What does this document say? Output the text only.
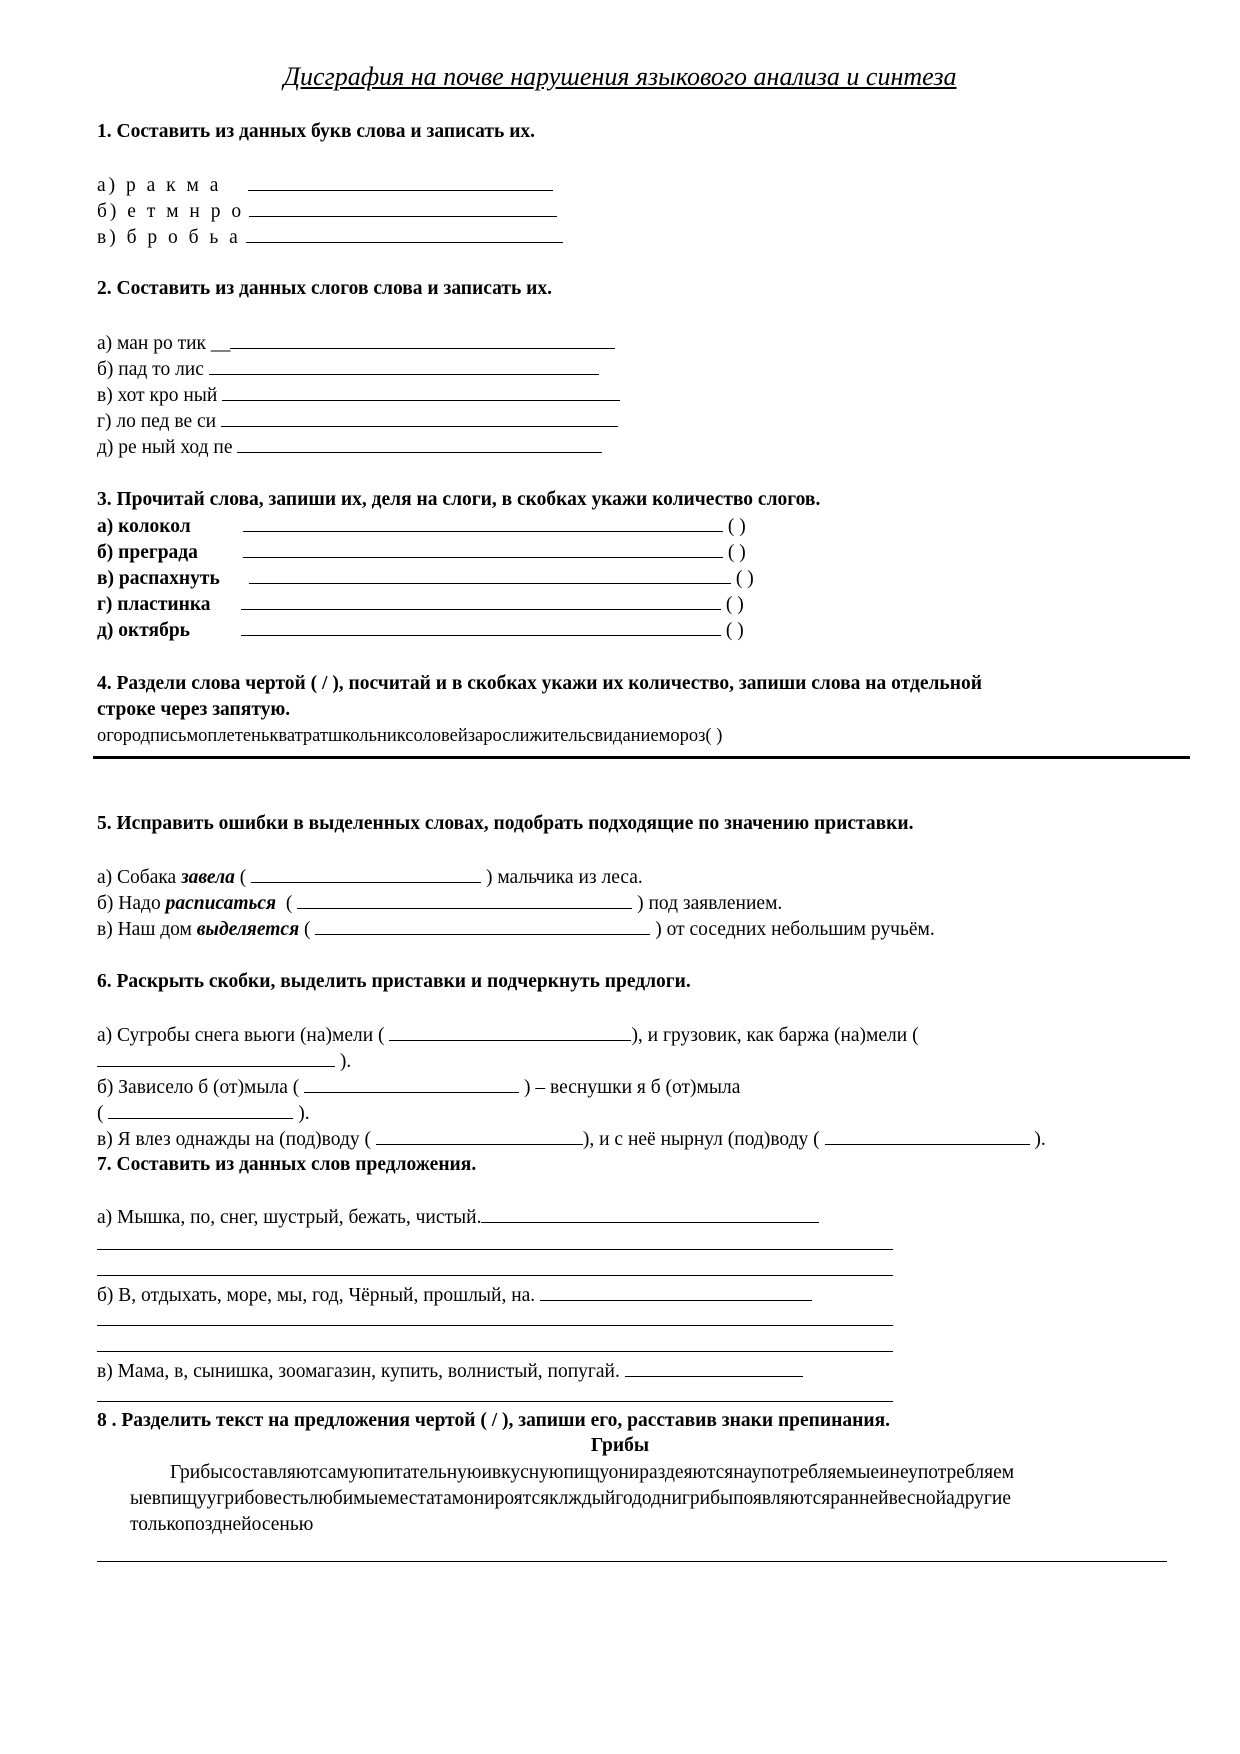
Дисграфия на почве нарушения языкового анализа и синтеза
1. Составить из данных букв слова и записать их.
а) р а к м а
б) е т м н р о
в) б р о б ь а
2. Составить из данных слогов слова и записать их.
а) ман ро тик __
б) пад то лис
в) хот кро ный
г) ло пед ве си
д) ре ный ход пе
3. Прочитай слова, запиши их, деля на слоги, в скобках укажи количество слогов.
а) колокол	( )
б) преграда	( )
в) распахнуть	( )
г) пластинка	( )
д) октябрь	( )
4. Раздели слова чертой ( / ), посчитай и в скобках укажи их количество, запиши слова на отдельной
строке через запятую.
огородписьмоплетенькватратшкольниксоловейзарослижительсвиданиемороз( )
5. Исправить ошибки в выделенных словах, подобрать подходящие по значению приставки.
а) Собака завела (	) мальчика из леса.
б) Надо расписаться  (	) под заявлением.
в) Наш дом выделяется (	) от соседних небольшим ручьём.
6. Раскрыть скобки, выделить приставки и подчеркнуть предлоги.
а) Сугробы снега вьюги (на)мели (	), и грузовик, как баржа (на)мели (
).
б) Зависело б (от)мыла (	) – веснушки я б (от)мыла
(	).
в) Я влез однажды на (под)воду (	), и с неё нырнул (под)воду (	).
7. Составить из данных слов предложения.
а) Мышка, по, снег, шустрый, бежать, чистый.
б) В, отдыхать, море, мы, год, Чёрный, прошлый, на.
в) Мама, в, сынишка, зоомагазин, купить, волнистый, попугай.
8 . Разделить текст на предложения чертой ( / ), запиши его, расставив знаки препинания.
Грибы
Грибысоставляютсамуюпитательнуюивкуснуюпищуонираздеяютсянаупотребляемыеинеупотребляем
ыевпищуугрибовестьлюбимыеместатамонироятсяклждыйгододнигрибыпоявляютсяраннейвеснойадругие
толькопозднейосенью
